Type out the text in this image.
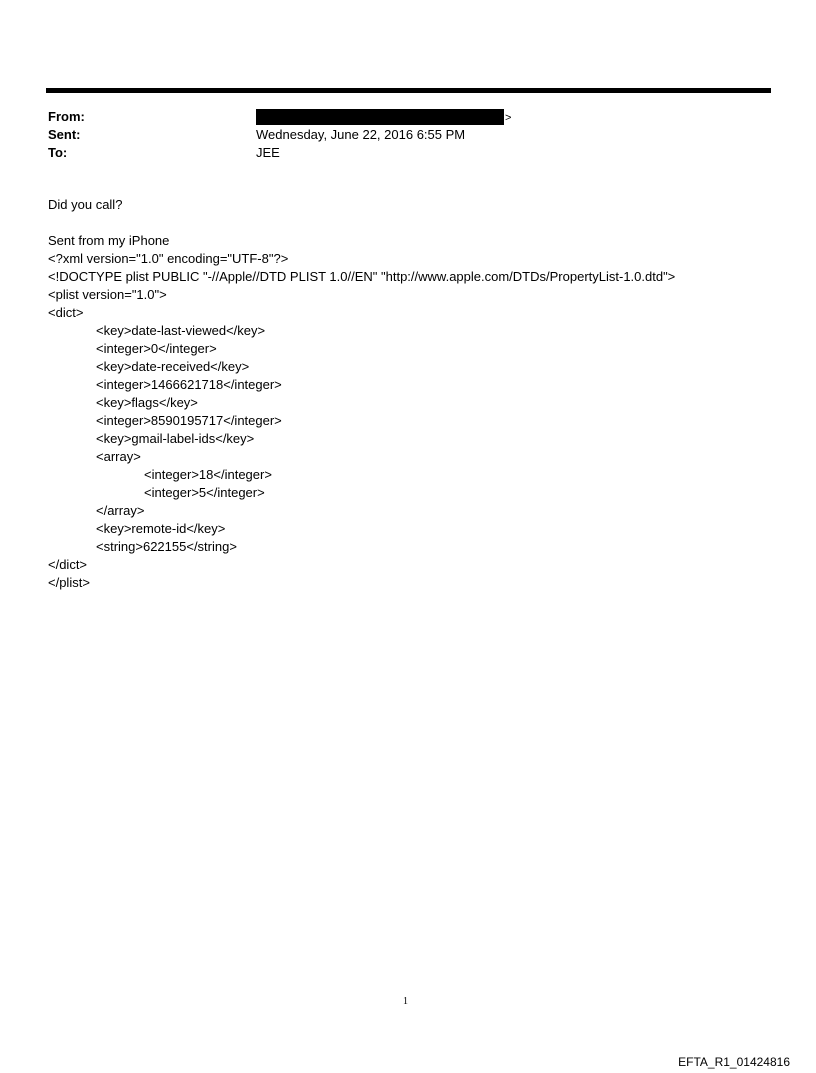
From:	>
Sent:	Wednesday, June 22, 2016 6:55 PM
To:	JEE
Did you call?
Sent from my iPhone
<?xml version="1.0" encoding="UTF-8"?>
<!DOCTYPE plist PUBLIC "-//Apple//DTD PLIST 1.0//EN" "http://www.apple.com/DTDs/PropertyList-1.0.dtd">
<plist version="1.0">
<dict>
<key>date-last-viewed</key>
<integer>0</integer>
<key>date-received</key>
<integer>1466621718</integer>
<key>flags</key>
<integer>8590195717</integer>
<key>gmail-label-ids</key>
<array>
<integer>18</integer>
<integer>5</integer>
</array>
<key>remote-id</key>
<string>622155</string>
</dict>
</plist>
1
EFTA_R1_01424816
